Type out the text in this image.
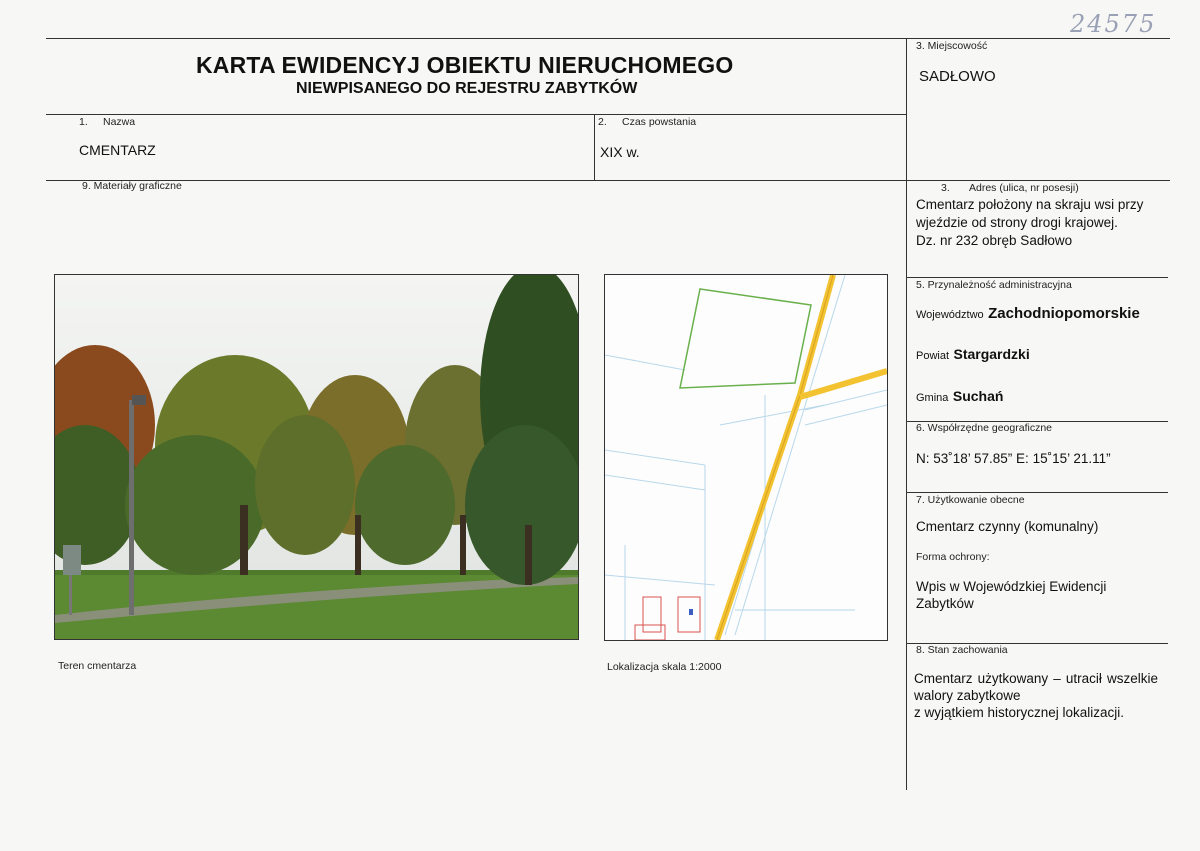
24575
KARTA EWIDENCYJ OBIEKTU NIERUCHOMEGO
NIEWPISANEGO DO REJESTRU ZABYTKÓW
3. Miejscowość
SADŁOWO
1. Nazwa
CMENTARZ
2. Czas powstania
XIX w.
9. Materiały graficzne
Teren cmentarza	Lokalizacja skala 1:2000
3. Adres (ulica, nr posesji)
Cmentarz położony na skraju wsi przy
wjeździe od strony drogi krajowej.
Dz. nr 232 obręb Sadłowo
5. Przynależność administracyjna
Województwo Zachodniopomorskie
Powiat Stargardzki
Gmina Suchań
6. Współrzędne geograficzne
N: 53˚18’ 57.85” E: 15˚15’ 21.11”
7. Użytkowanie obecne
Cmentarz czynny (komunalny)
Forma ochrony:
Wpis w Wojewódzkiej Ewidencji
Zabytków
8. Stan zachowania
Cmentarz użytkowany – utracił wszelkie walory zabytkowe
z wyjątkiem historycznej lokalizacji.
